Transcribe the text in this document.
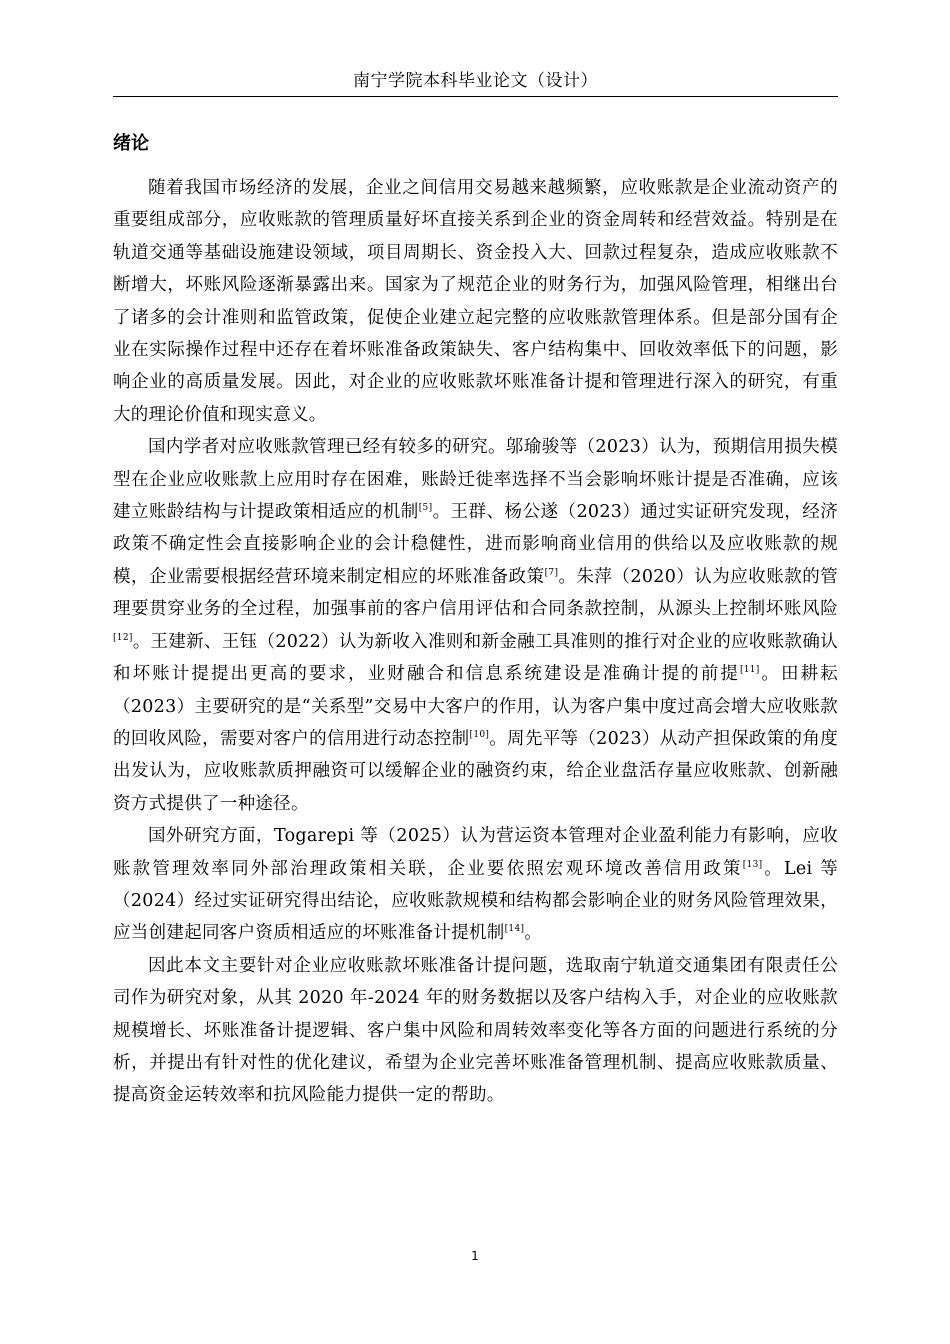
南宁学院本科毕业论文（设计）
绪论

随着我国市场经济的发展，企业之间信用交易越来越频繁，应收账款是企业流动资产的重要组成部分，应收账款的管理质量好坏直接关系到企业的资金周转和经营效益。特别是在轨道交通等基础设施建设领域，项目周期长、资金投入大、回款过程复杂，造成应收账款不断增大，坏账风险逐渐暴露出来。国家为了规范企业的财务行为，加强风险管理，相继出台了诸多的会计准则和监管政策，促使企业建立起完整的应收账款管理体系。但是部分国有企业在实际操作过程中还存在着坏账准备政策缺失、客户结构集中、回收效率低下的问题，影响企业的高质量发展。因此，对企业的应收账款坏账准备计提和管理进行深入的研究，有重大的理论价值和现实意义。

国内学者对应收账款管理已经有较多的研究。邬瑜骏等（2023）认为，预期信用损失模型在企业应收账款上应用时存在困难，账龄迁徙率选择不当会影响坏账计提是否准确，应该建立账龄结构与计提政策相适应的机制[5]。王群、杨公遂（2023）通过实证研究发现，经济政策不确定性会直接影响企业的会计稳健性，进而影响商业信用的供给以及应收账款的规模，企业需要根据经营环境来制定相应的坏账准备政策[7]。朱萍（2020）认为应收账款的管理要贯穿业务的全过程，加强事前的客户信用评估和合同条款控制，从源头上控制坏账风险[12]。王建新、王钰（2022）认为新收入准则和新金融工具准则的推行对企业的应收账款确认和坏账计提提出更高的要求，业财融合和信息系统建设是准确计提的前提[11]。田耕耘（2023）主要研究的是“关系型”交易中大客户的作用，认为客户集中度过高会增大应收账款的回收风险，需要对客户的信用进行动态控制[10]。周先平等（2023）从动产担保政策的角度出发认为，应收账款质押融资可以缓解企业的融资约束，给企业盘活存量应收账款、创新融资方式提供了一种途径。

国外研究方面，Togarepi 等（2025）认为营运资本管理对企业盈利能力有影响，应收账款管理效率同外部治理政策相关联，企业要依照宏观环境改善信用政策[13]。Lei 等（2024）经过实证研究得出结论，应收账款规模和结构都会影响企业的财务风险管理效果，应当创建起同客户资质相适应的坏账准备计提机制[14]。

因此本文主要针对企业应收账款坏账准备计提问题，选取南宁轨道交通集团有限责任公司作为研究对象，从其 2020 年-2024 年的财务数据以及客户结构入手，对企业的应收账款规模增长、坏账准备计提逻辑、客户集中风险和周转效率变化等各方面的问题进行系统的分析，并提出有针对性的优化建议，希望为企业完善坏账准备管理机制、提高应收账款质量、提高资金运转效率和抗风险能力提供一定的帮助。

1
